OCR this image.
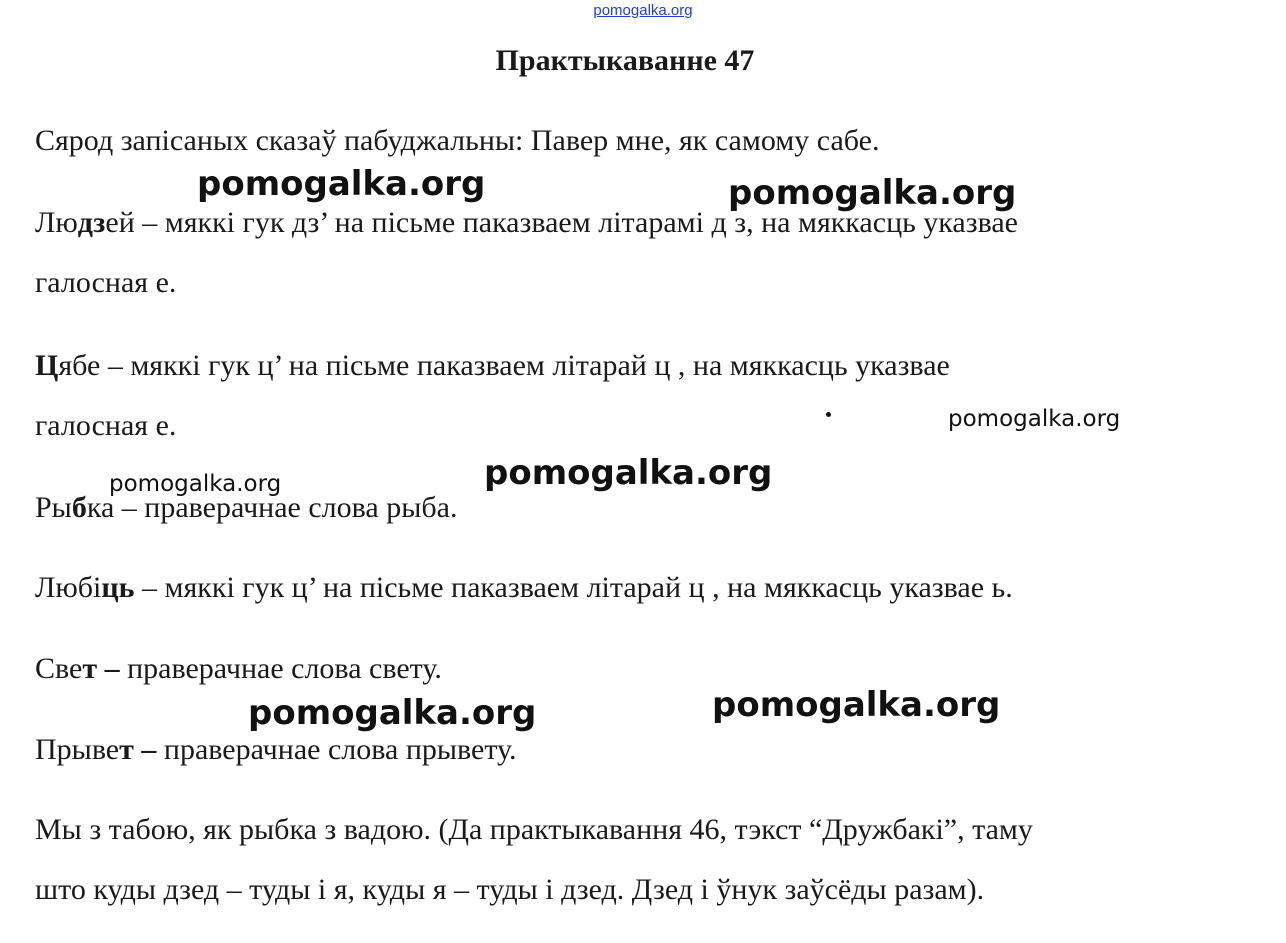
pomogalka.org
Практыкаванне 47
Сярод запісаных сказаў пабуджальны: Павер мне, як самому сабе.
Людзей – мяккі гук дз’ на пісьме паказваем літарамі д з, на мяккасць указвае
галосная е.
Цябе – мяккі гук ц’ на пісьме паказваем літарай ц , на мяккасць указвае
галосная е.
Рыбка – праверачнае слова рыба.
Любіць – мяккі гук ц’ на пісьме паказваем літарай ц , на мяккасць указвае ь.
Свет – праверачнае слова свету.
Прывет – праверачнае слова прывету.
Мы з табою, як рыбка з вадою. (Да практыкавання 46, тэкст “Дружбакі”, таму
што куды дзед – туды і я, куды я – туды і дзед. Дзед і ўнук заўсёды разам).
pomogalka.org	pomogalka.org
pomogalka.org
pomogalka.org
pomogalka.org
pomogalka.org
pomogalka.org
